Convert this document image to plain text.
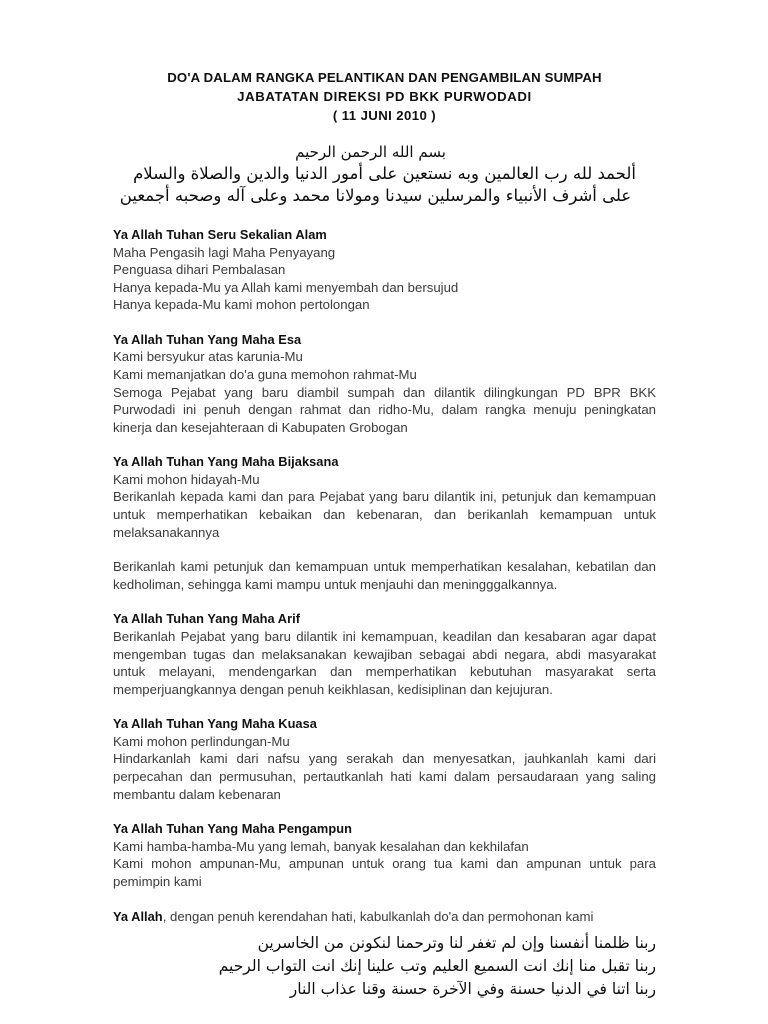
DO'A DALAM RANGKA PELANTIKAN DAN PENGAMBILAN SUMPAH
JABATATAN DIREKSI PD BKK PURWODADI
( 11 JUNI 2010 )
بسم الله الرحمن الرحيم
ألحمد لله رب العالمين وبه نستعين على أمور الدنيا والدين والصلاة والسلام
على أشرف الأنبياء والمرسلين سيدنا ومولانا محمد وعلى آله وصحبه أجمعين
Ya Allah Tuhan Seru Sekalian Alam
Maha Pengasih lagi Maha Penyayang
Penguasa dihari Pembalasan
Hanya kepada-Mu ya Allah kami menyembah dan bersujud
Hanya kepada-Mu kami mohon pertolongan
Ya Allah Tuhan Yang Maha Esa
Kami bersyukur atas karunia-Mu
Kami memanjatkan do'a guna memohon rahmat-Mu
Semoga Pejabat yang baru diambil sumpah dan dilantik dilingkungan PD BPR BKK Purwodadi ini penuh dengan rahmat dan ridho-Mu, dalam rangka menuju peningkatan kinerja dan kesejahteraan di Kabupaten Grobogan
Ya Allah Tuhan Yang Maha Bijaksana
Kami mohon hidayah-Mu
Berikanlah kepada kami dan para Pejabat yang baru dilantik ini, petunjuk dan kemampuan untuk memperhatikan kebaikan dan kebenaran, dan berikanlah kemampuan untuk melaksanakannya
Berikanlah kami petunjuk dan kemampuan untuk memperhatikan kesalahan, kebatilan dan kedholiman, sehingga kami mampu untuk menjauhi dan meningggalkannya.
Ya Allah Tuhan Yang Maha Arif
Berikanlah Pejabat yang baru dilantik ini kemampuan, keadilan dan kesabaran agar dapat mengemban tugas dan melaksanakan kewajiban sebagai abdi negara, abdi masyarakat untuk melayani, mendengarkan dan memperhatikan kebutuhan masyarakat serta memperjuangkannya dengan penuh keikhlasan, kedisiplinan dan kejujuran.
Ya Allah Tuhan Yang Maha Kuasa
Kami mohon perlindungan-Mu
Hindarkanlah kami dari nafsu yang serakah dan menyesatkan, jauhkanlah kami dari perpecahan dan permusuhan, pertautkanlah hati kami dalam persaudaraan yang saling membantu dalam kebenaran
Ya Allah Tuhan Yang Maha Pengampun
Kami hamba-hamba-Mu yang lemah, banyak kesalahan dan kekhilafan
Kami mohon ampunan-Mu, ampunan untuk orang tua kami dan ampunan untuk para pemimpin kami
Ya Allah, dengan penuh kerendahan hati, kabulkanlah do'a dan permohonan kami
ربنا ظلمنا أنفسنا وإن لم تغفر لنا وترحمنا لنكونن من الخاسرين
ربنا تقبل منا إنك انت السميع العليم وتب علينا إنك انت التواب الرحيم
ربنا اتنا في الدنيا حسنة وفي الآخرة حسنة وقنا عذاب النار
